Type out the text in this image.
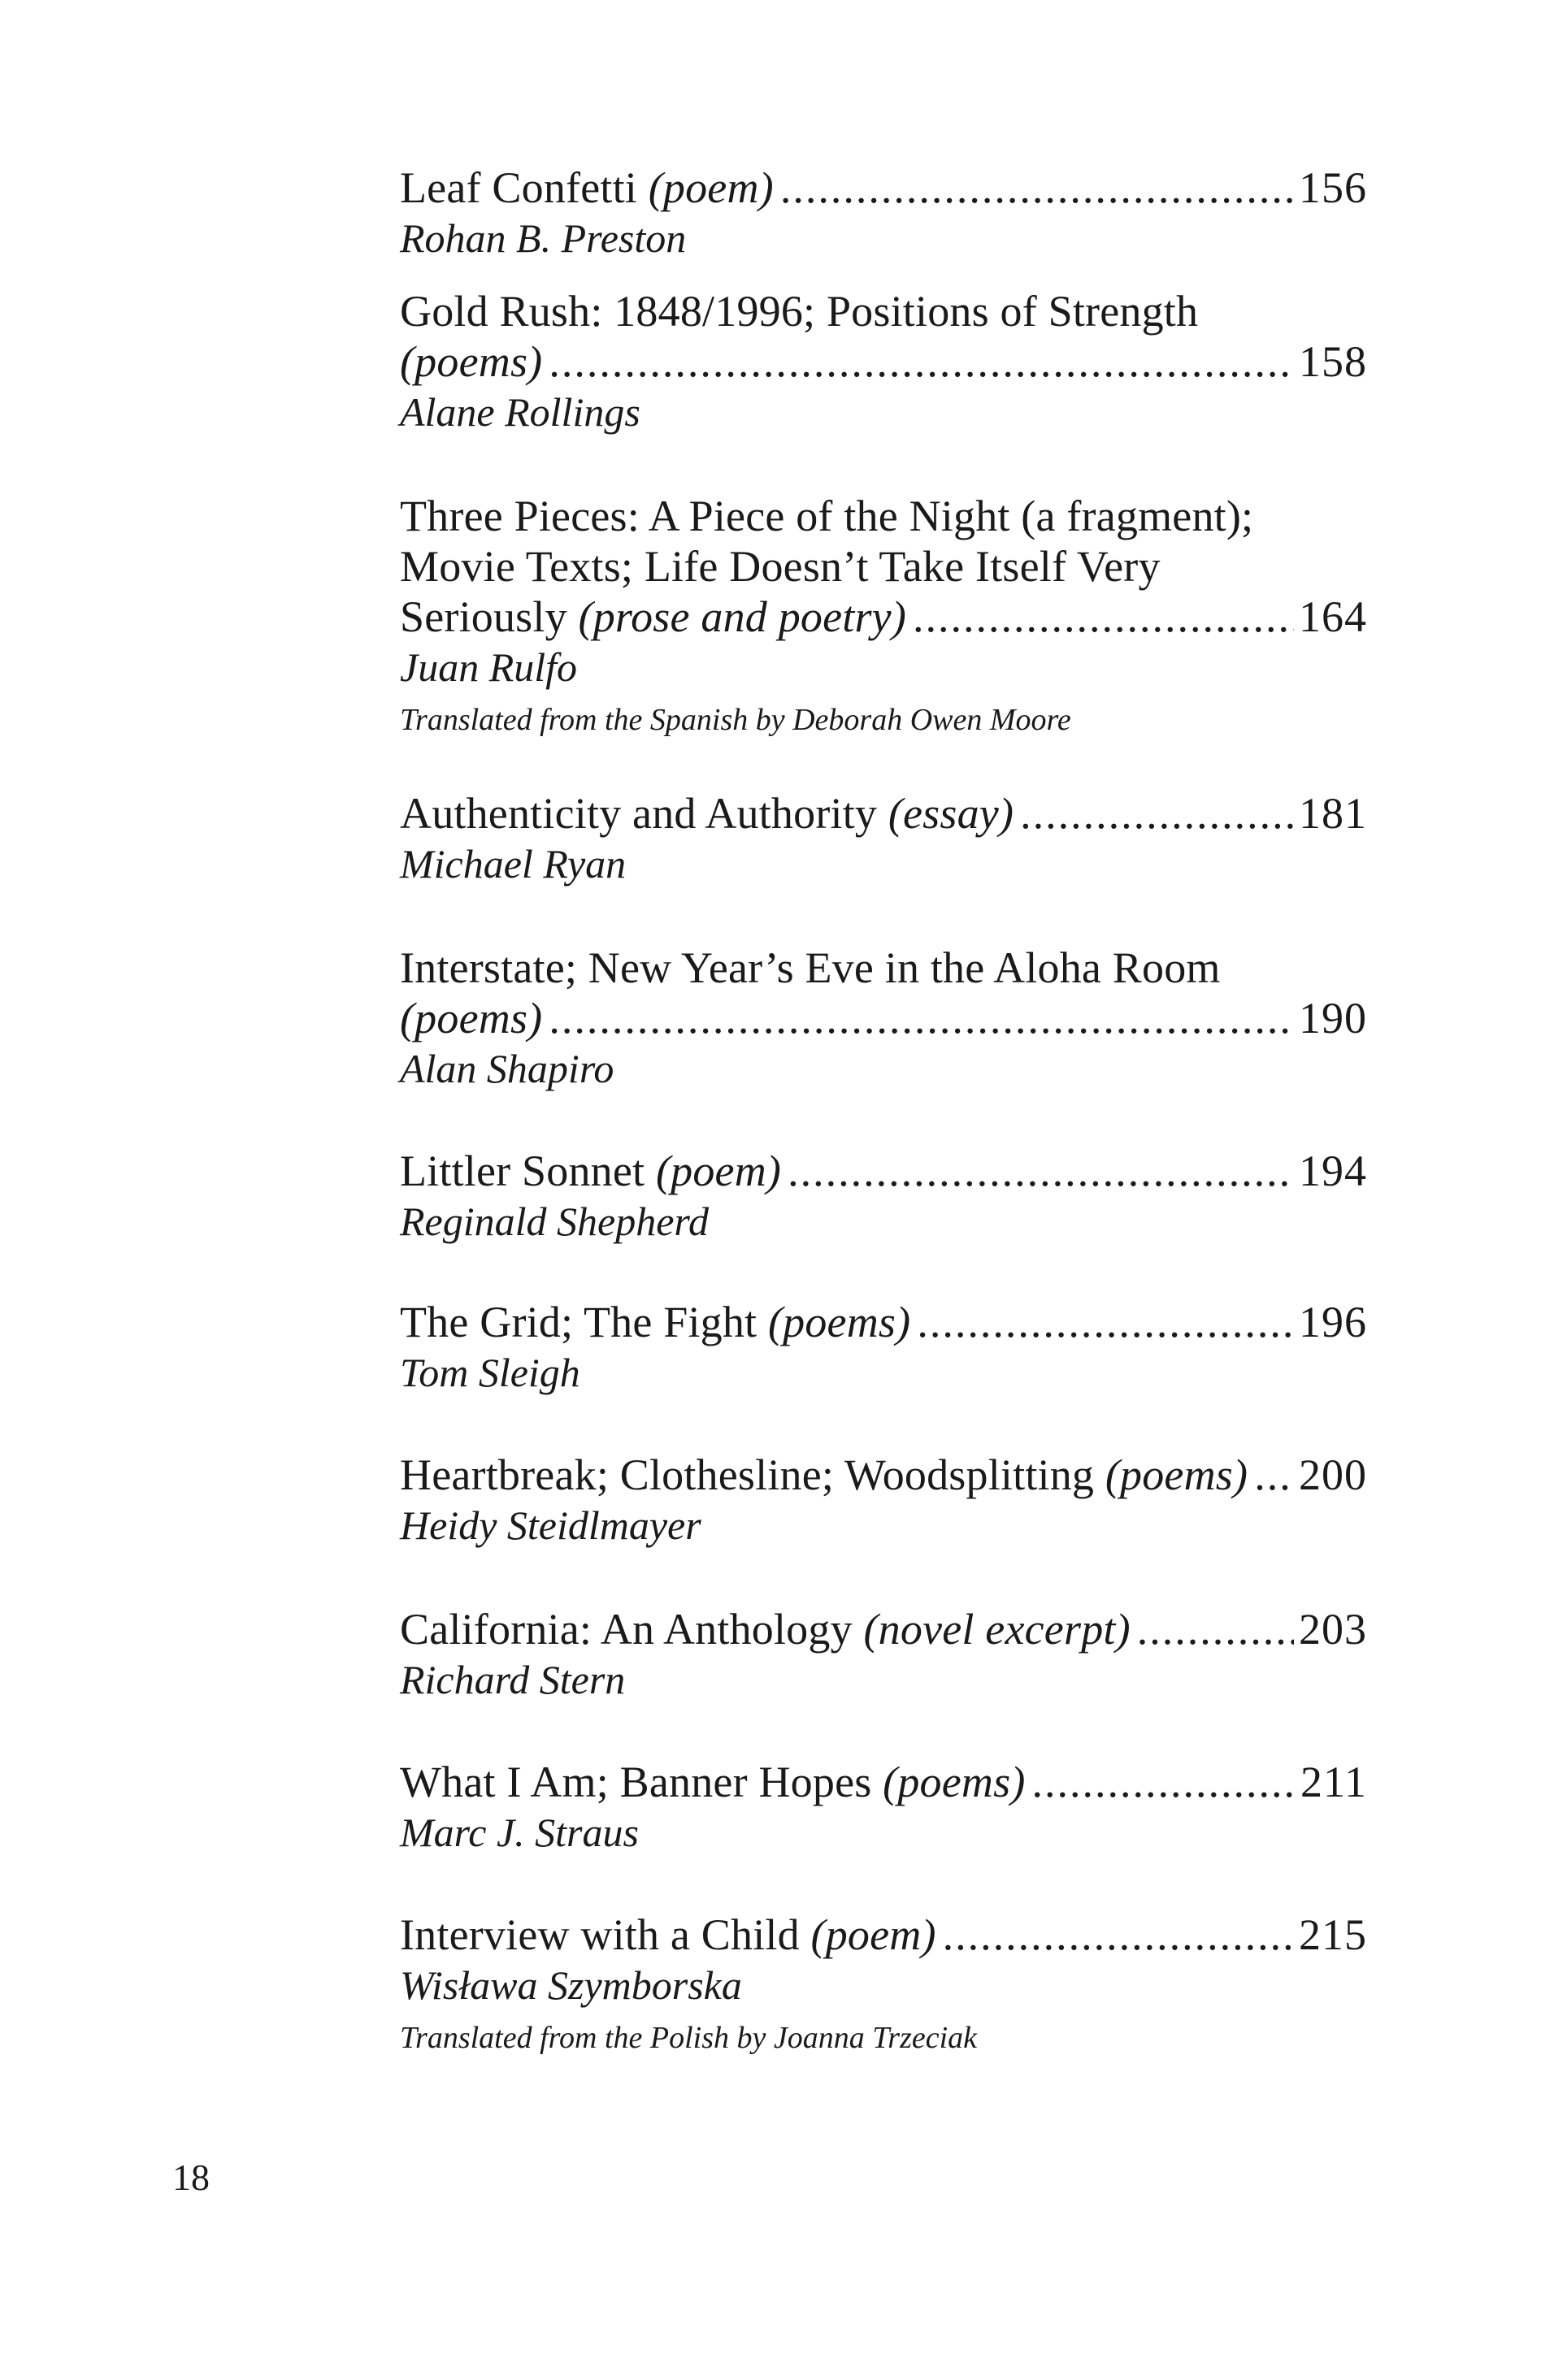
Leaf Confetti (poem) .....	156
Rohan B. Preston
Gold Rush: 1848/1996; Positions of Strength
(poems) .....	158
Alane Rollings
Three Pieces: A Piece of the Night (a fragment);
Movie Texts; Life Doesn’t Take Itself Very
Seriously (prose and poetry) .....	164
Juan Rulfo
Translated from the Spanish by Deborah Owen Moore
Authenticity and Authority (essay) .....	181
Michael Ryan
Interstate; New Year’s Eve in the Aloha Room
(poems) .....	190
Alan Shapiro
Littler Sonnet (poem) .....	194
Reginald Shepherd
The Grid; The Fight (poems) .....	196
Tom Sleigh
Heartbreak; Clothesline; Woodsplitting (poems) ..... 200
Heidy Steidlmayer
California: An Anthology (novel excerpt) .....	203
Richard Stern
What I Am; Banner Hopes (poems) .....	211
Marc J. Straus
Interview with a Child (poem) .....	215
Wisława Szymborska
Translated from the Polish by Joanna Trzeciak
18
